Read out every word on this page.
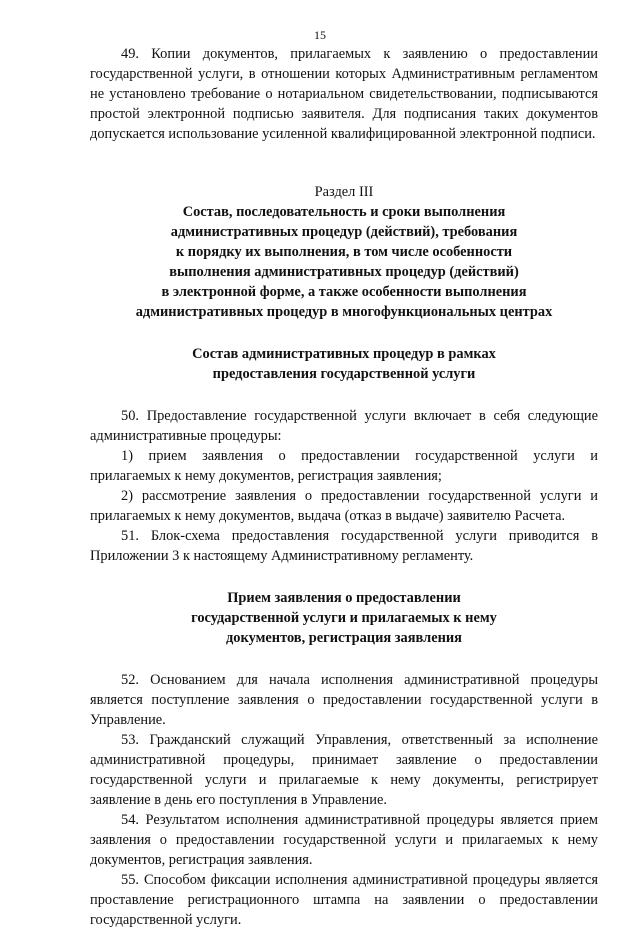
15

49. Копии документов, прилагаемых к заявлению о предоставлении государственной услуги, в отношении которых Административным регламентом не установлено требование о нотариальном свидетельствовании, подписываются простой электронной подписью заявителя. Для подписания таких документов допускается использование усиленной квалифицированной электронной подписи.

Раздел III
Состав, последовательность и сроки выполнения
административных процедур (действий), требования
к порядку их выполнения, в том числе особенности
выполнения административных процедур (действий)
в электронной форме, а также особенности выполнения
административных процедур в многофункциональных центрах
Состав административных процедур в рамках
предоставления государственной услуги

50. Предоставление государственной услуги включает в себя следующие административные процедуры:

1) прием заявления о предоставлении государственной услуги и прилагаемых к нему документов, регистрация заявления;

2) рассмотрение заявления о предоставлении государственной услуги и прилагаемых к нему документов, выдача (отказ в выдаче) заявителю Расчета.

51. Блок-схема предоставления государственной услуги приводится в Приложении 3 к настоящему Административному регламенту.

Прием заявления о предоставлении
государственной услуги и прилагаемых к нему
документов, регистрация заявления

52. Основанием для начала исполнения административной процедуры является поступление заявления о предоставлении государственной услуги в Управление.

53. Гражданский служащий Управления, ответственный за исполнение административной процедуры, принимает заявление о предоставлении государственной услуги и прилагаемые к нему документы, регистрирует заявление в день его поступления в Управление.

54. Результатом исполнения административной процедуры является прием заявления о предоставлении государственной услуги и прилагаемых к нему документов, регистрация заявления.

55. Способом фиксации исполнения административной процедуры является проставление регистрационного штампа на заявлении о предоставлении государственной услуги.
